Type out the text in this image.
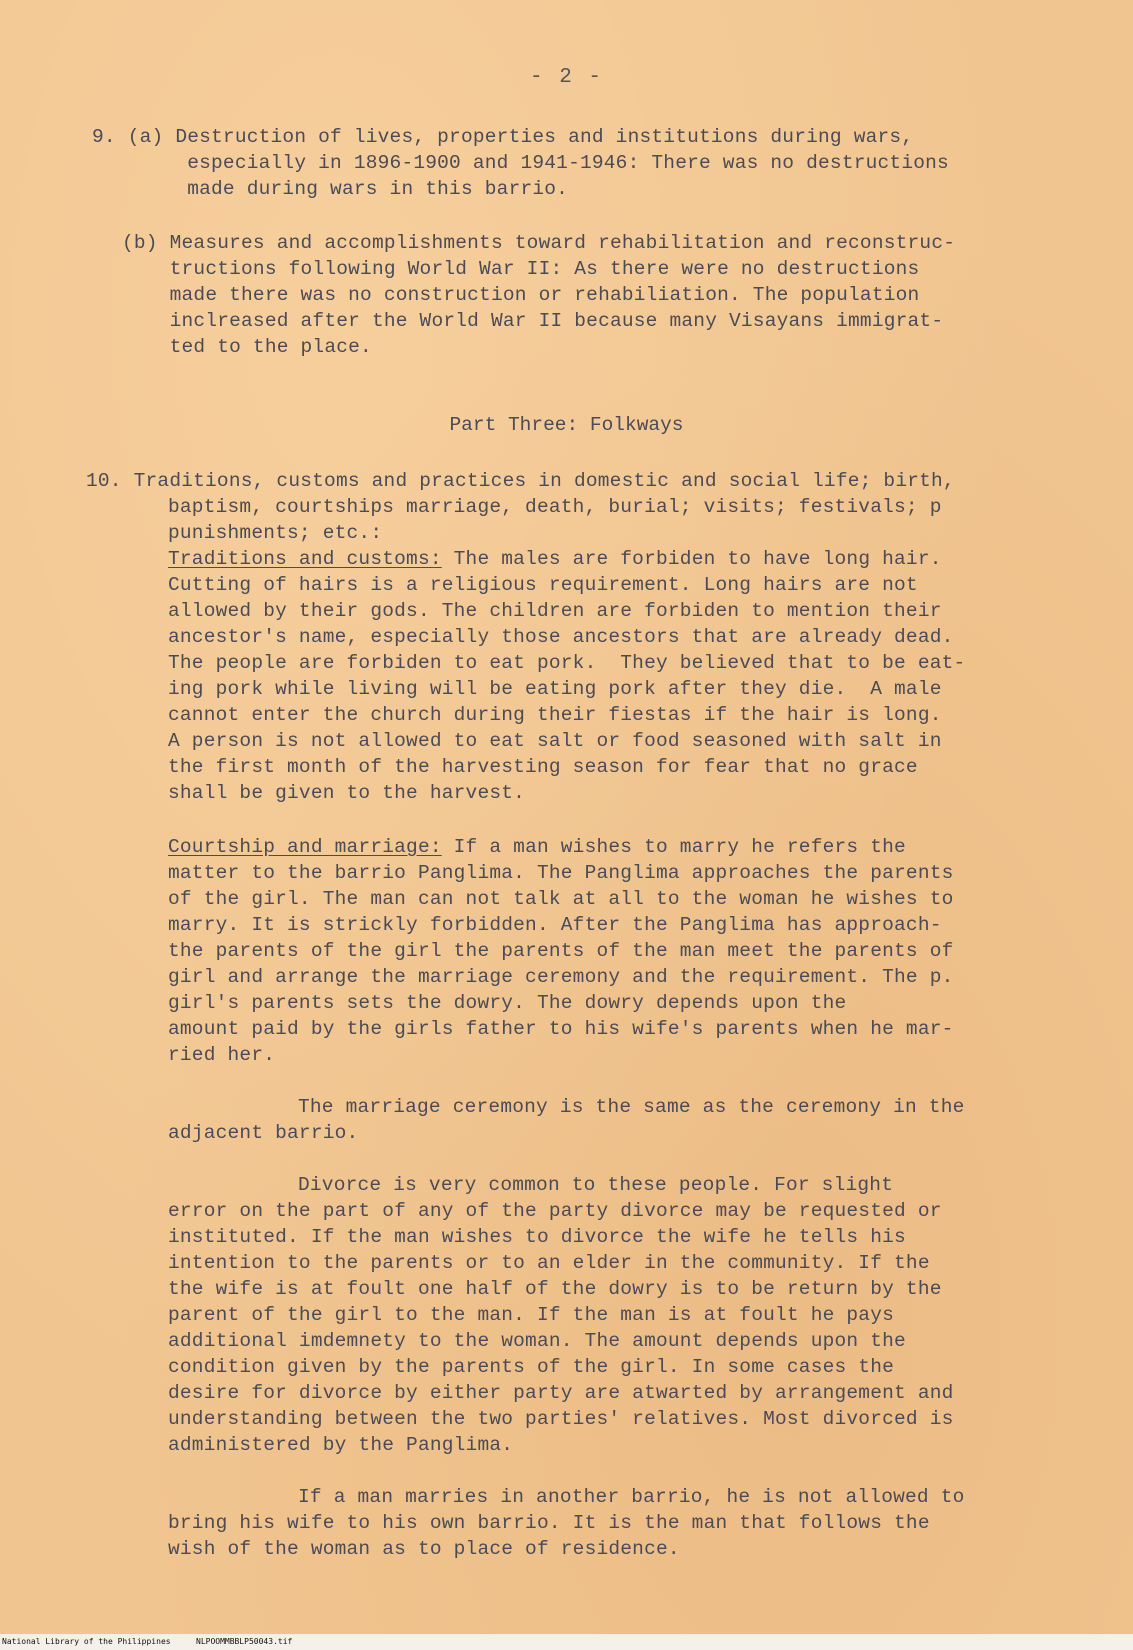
- 2 -
9. (a) Destruction of lives, properties and institutions during wars,
especially in 1896-1900 and 1941-1946: There was no destructions
made during wars in this barrio.
(b) Measures and accomplishments toward rehabilitation and reconstruc-
tructions following World War II: As there were no destructions
made there was no construction or rehabiliation. The population
inclreased after the World War II because many Visayans immigrat-
ted to the place.
Part Three: Folkways
10. Traditions, customs and practices in domestic and social life; birth,
baptism, courtships marriage, death, burial; visits; festivals; p
punishments; etc.:
Traditions and customs: The males are forbiden to have long hair.
Cutting of hairs is a religious requirement. Long hairs are not
allowed by their gods. The children are forbiden to mention their
ancestor's name, especially those ancestors that are already dead.
The people are forbiden to eat pork.  They believed that to be eat-
ing pork while living will be eating pork after they die.  A male
cannot enter the church during their fiestas if the hair is long.
A person is not allowed to eat salt or food seasoned with salt in
the first month of the harvesting season for fear that no grace
shall be given to the harvest.
Courtship and marriage: If a man wishes to marry he refers the
matter to the barrio Panglima. The Panglima approaches the parents
of the girl. The man can not talk at all to the woman he wishes to
marry. It is strickly forbidden. After the Panglima has approach-
the parents of the girl the parents of the man meet the parents of
girl and arrange the marriage ceremony and the requirement. The p.
girl's parents sets the dowry. The dowry depends upon the
amount paid by the girls father to his wife's parents when he mar-
ried her.
The marriage ceremony is the same as the ceremony in the
adjacent barrio.
Divorce is very common to these people. For slight
error on the part of any of the party divorce may be requested or
instituted. If the man wishes to divorce the wife he tells his
intention to the parents or to an elder in the community. If the
the wife is at foult one half of the dowry is to be return by the
parent of the girl to the man. If the man is at foult he pays
additional imdemnety to the woman. The amount depends upon the
condition given by the parents of the girl. In some cases the
desire for divorce by either party are atwarted by arrangement and
understanding between the two parties' relatives. Most divorced is
administered by the Panglima.
If a man marries in another barrio, he is not allowed to
bring his wife to his own barrio. It is the man that follows the
wish of the woman as to place of residence.
National Library of the Philippines	NLPOOMMBBLP50043.tif
